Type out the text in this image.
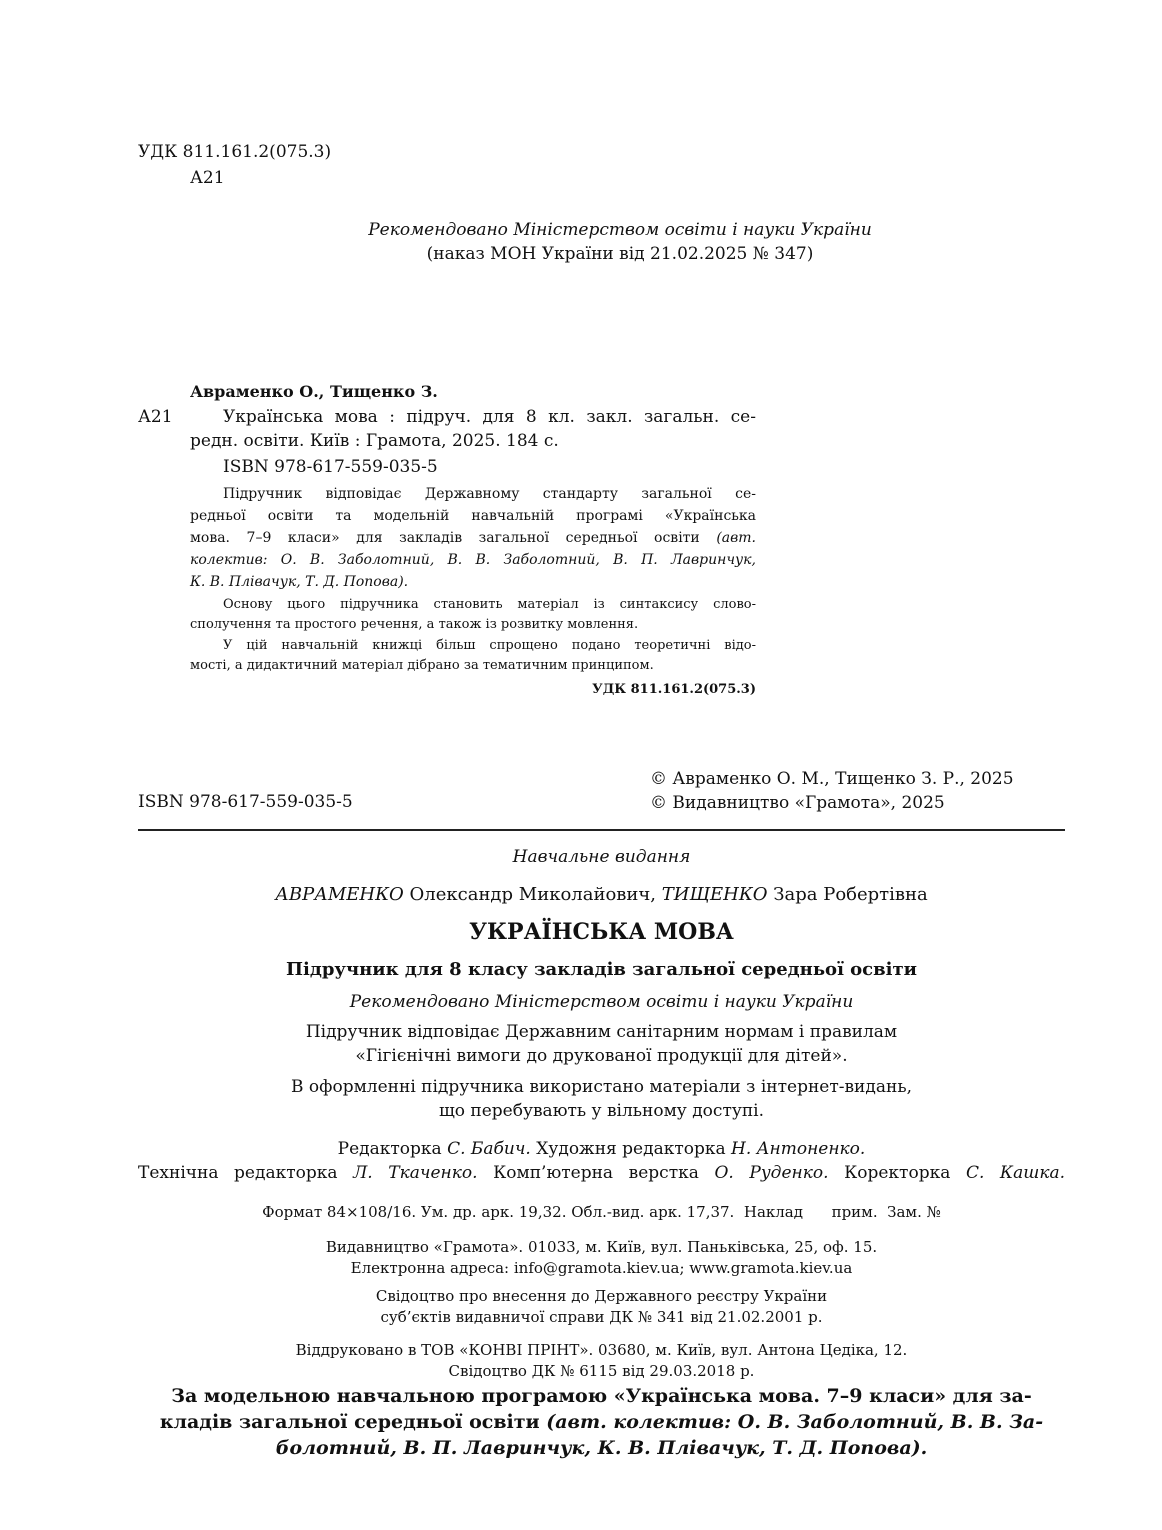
УДК 811.161.2(075.3)
А21
Рекомендовано Міністерством освіти і науки України
(наказ МОН України від 21.02.2025 № 347)
Авраменко О., Тищенко З.
А21	Українська мова : підруч. для 8 кл. закл. загальн. се-
редн. освіти. Київ : Грамота, 2025. 184 с.
ISBN 978-617-559-035-5
Підручник відповідає Державному стандарту загальної се-
редньої освіти та модельній навчальній програмі «Українська
мова. 7–9 класи» для закладів загальної середньої освіти (авт.
колектив: О. В. Заболотний, В. В. Заболотний, В. П. Лавринчук,
К. В. Плівачук, Т. Д. Попова).
Основу цього підручника становить матеріал із синтаксису слово-
сполучення та простого речення, а також із розвитку мовлення.
У цій навчальній книжці більш спрощено подано теоретичні відо-
мості, а дидактичний матеріал дібрано за тематичним принципом.
УДК 811.161.2(075.3)
ISBN 978-617-559-035-5
© Авраменко О. М., Тищенко З. Р., 2025
© Видавництво «Грамота», 2025
Навчальне видання
АВРАМЕНКО Олександр Миколайович, ТИЩЕНКО Зара Робертівна
УКРАЇНСЬКА МОВА
Підручник для 8 класу закладів загальної середньої освіти
Рекомендовано Міністерством освіти і науки України
Підручник відповідає Державним санітарним нормам і правилам
«Гігієнічні вимоги до друкованої продукції для дітей».
В оформленні підручника використано матеріали з інтернет-видань,
що перебувають у вільному доступі.
Редакторка С. Бабич. Художня редакторка Н. Антоненко.
Технічна редакторка Л. Ткаченко. Комп’ютерна верстка О. Руденко. Коректорка С. Кашка.
Формат 84×108/16. Ум. др. арк. 19,32. Обл.-вид. арк. 17,37.  Наклад      прим.  Зам. №
Видавництво «Грамота». 01033, м. Київ, вул. Паньківська, 25, оф. 15.
Електронна адреса: info@gramota.kiev.ua; www.gramota.kiev.ua
Свідоцтво про внесення до Державного реєстру України
суб’єктів видавничої справи ДК № 341 від 21.02.2001 р.
Віддруковано в ТОВ «КОНВІ ПРІНТ». 03680, м. Київ, вул. Антона Цедіка, 12.
Свідоцтво ДК № 6115 від 29.03.2018 р.
За модельною навчальною програмою «Українська мова. 7–9 класи» для за-
кладів загальної середньої освіти (авт. колектив: О. В. Заболотний, В. В. За-
болотний, В. П. Лавринчук, К. В. Плівачук, Т. Д. Попова).
